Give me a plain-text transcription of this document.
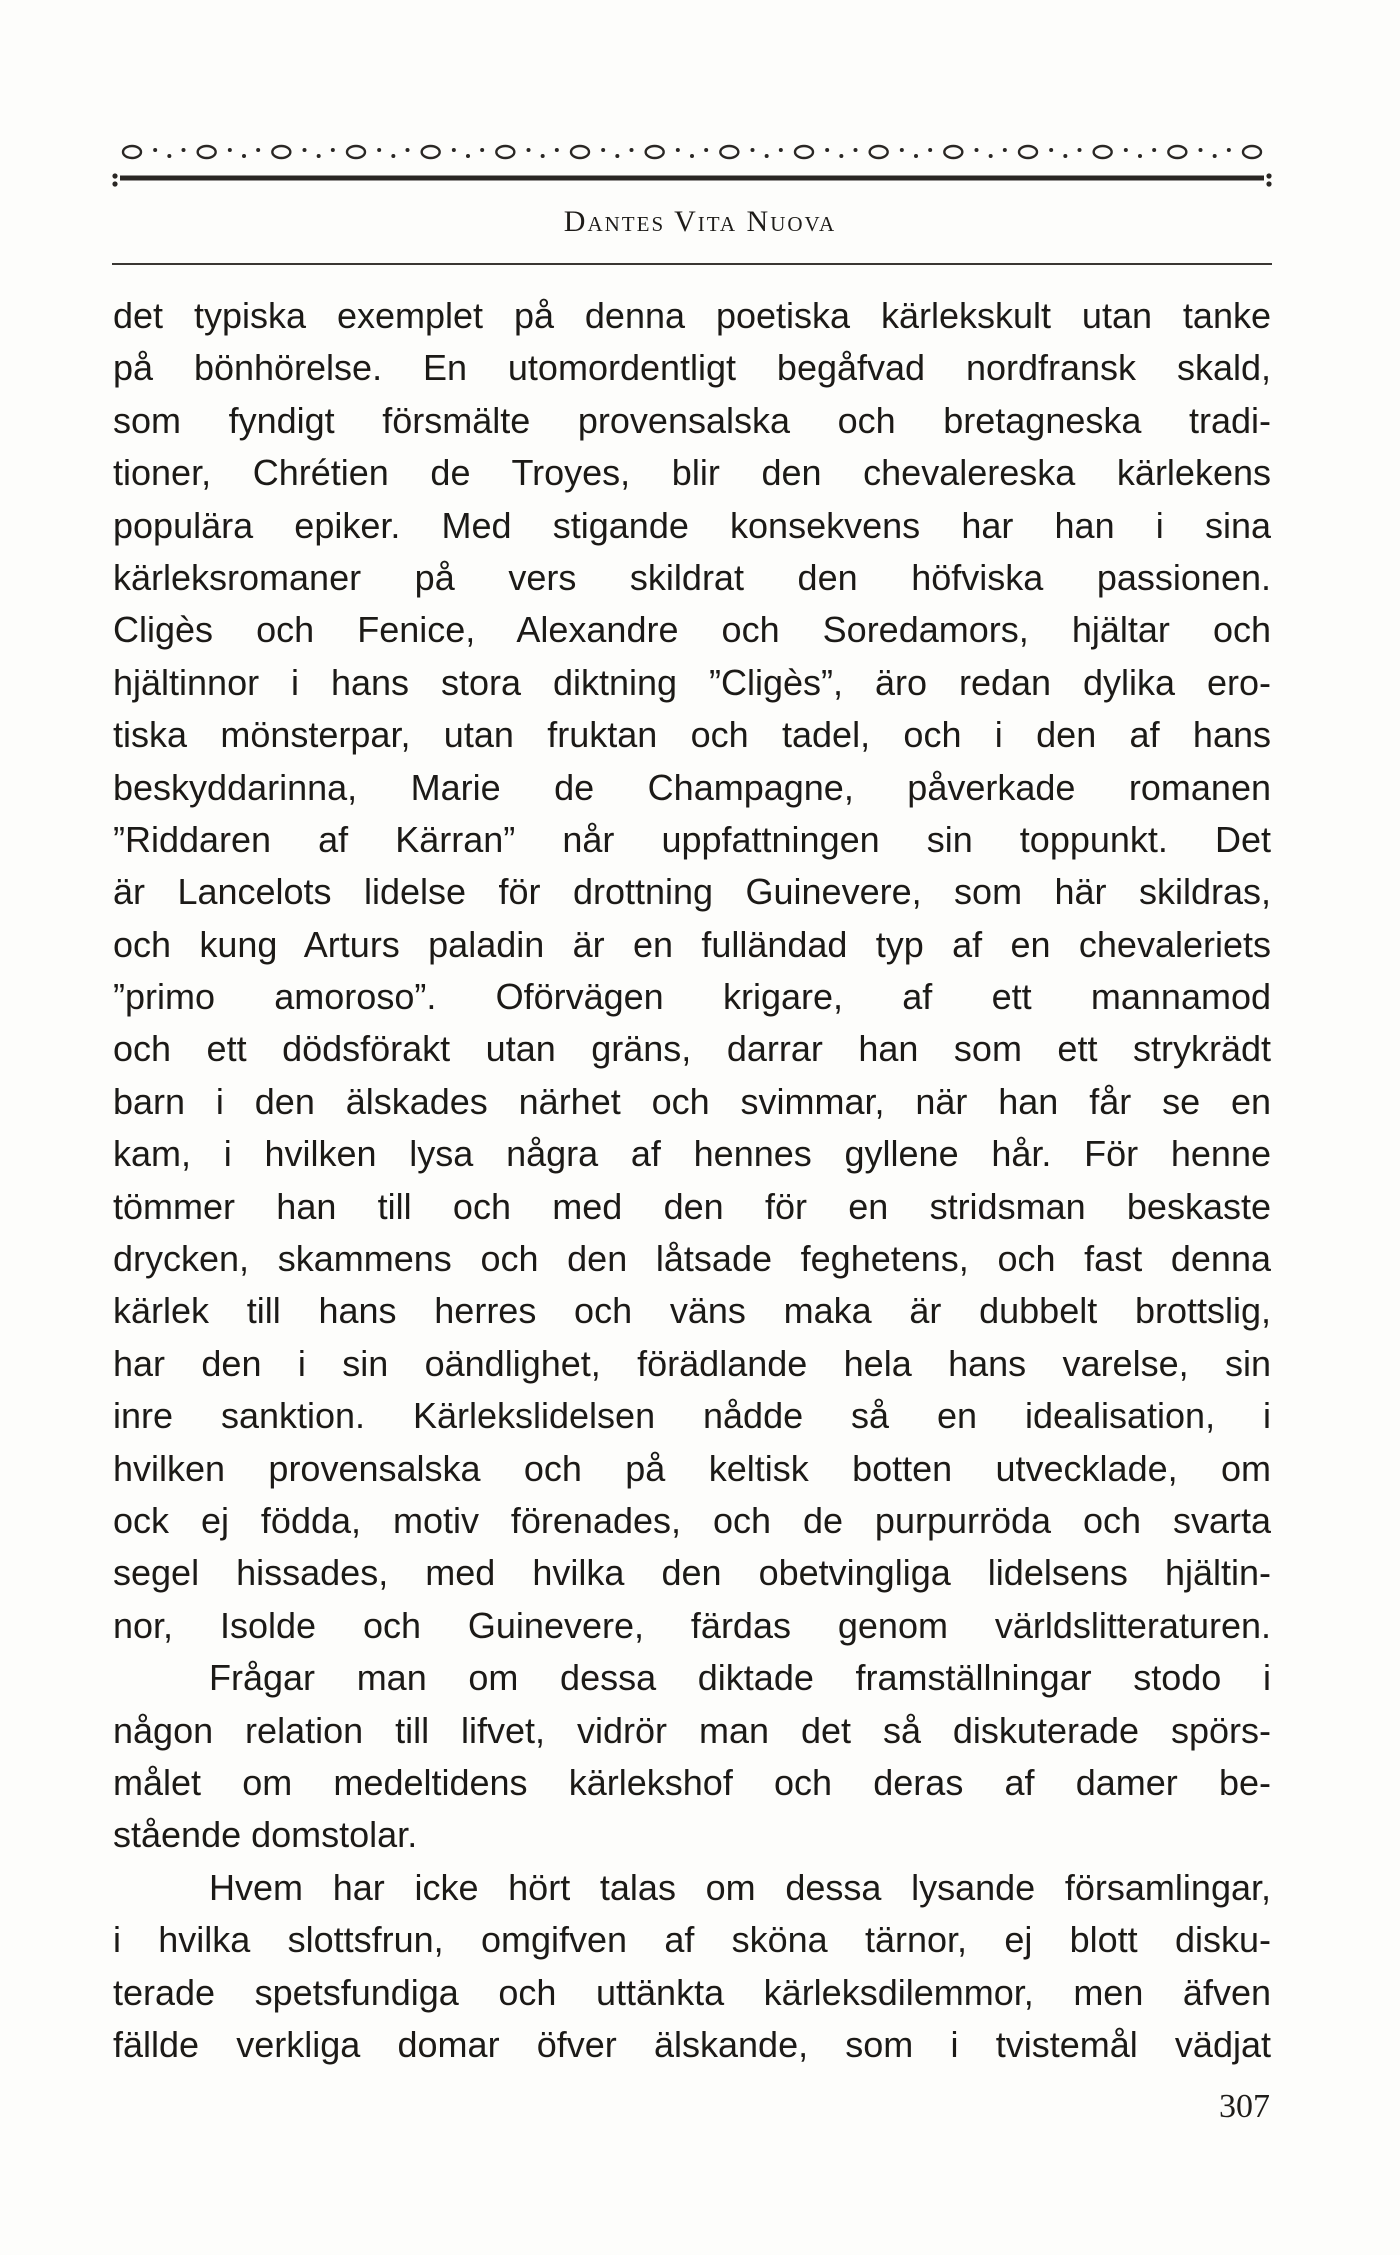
Dantes Vita Nuova
det typiska exemplet på denna poetiska kärlekskult utan tanke
på bönhörelse. En utomordentligt begåfvad nordfransk skald,
som fyndigt försmälte provensalska och bretagneska tradi-
tioner, Chrétien de Troyes, blir den chevalereska kärlekens
populära epiker. Med stigande konsekvens har han i sina
kärleksromaner på vers skildrat den höfviska passionen.
Cligès och Fenice, Alexandre och Soredamors, hjältar och
hjältinnor i hans stora diktning ”Cligès”, äro redan dylika ero-
tiska mönsterpar, utan fruktan och tadel, och i den af hans
beskyddarinna, Marie de Champagne, påverkade romanen
”Riddaren af Kärran” når uppfattningen sin toppunkt. Det
är Lancelots lidelse för drottning Guinevere, som här skildras,
och kung Arturs paladin är en fulländad typ af en chevaleriets
”primo amoroso”. Oförvägen krigare, af ett mannamod
och ett dödsförakt utan gräns, darrar han som ett strykrädt
barn i den älskades närhet och svimmar, när han får se en
kam, i hvilken lysa några af hennes gyllene hår. För henne
tömmer han till och med den för en stridsman beskaste
drycken, skammens och den låtsade feghetens, och fast denna
kärlek till hans herres och väns maka är dubbelt brottslig,
har den i sin oändlighet, förädlande hela hans varelse, sin
inre sanktion. Kärlekslidelsen nådde så en idealisation, i
hvilken provensalska och på keltisk botten utvecklade, om
ock ej födda, motiv förenades, och de purpurröda och svarta
segel hissades, med hvilka den obetvingliga lidelsens hjältin-
nor, Isolde och Guinevere, färdas genom världslitteraturen.
Frågar man om dessa diktade framställningar stodo i
någon relation till lifvet, vidrör man det så diskuterade spörs-
målet om medeltidens kärlekshof och deras af damer be-
stående domstolar.
Hvem har icke hört talas om dessa lysande församlingar,
i hvilka slottsfrun, omgifven af sköna tärnor, ej blott disku-
terade spetsfundiga och uttänkta kärleksdilemmor, men äfven
fällde verkliga domar öfver älskande, som i tvistemål vädjat
307
